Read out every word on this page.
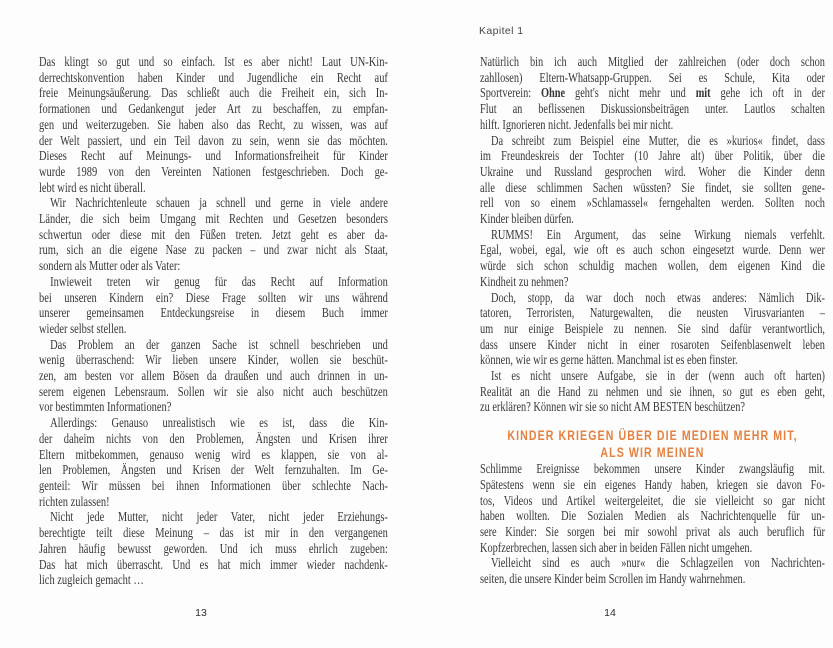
Kapitel 1
Das klingt so gut und so einfach. Ist es aber nicht! Laut UN-Kin-
derrechtskonvention haben Kinder und Jugendliche ein Recht auf
freie Meinungsäußerung. Das schließt auch die Freiheit ein, sich In-
formationen und Gedankengut jeder Art zu beschaffen, zu empfan-
gen und weiterzugeben. Sie haben also das Recht, zu wissen, was auf
der Welt passiert, und ein Teil davon zu sein, wenn sie das möchten.
Dieses Recht auf Meinungs- und Informationsfreiheit für Kinder
wurde 1989 von den Vereinten Nationen festgeschrieben. Doch ge-
lebt wird es nicht überall.
Wir Nachrichtenleute schauen ja schnell und gerne in viele andere
Länder, die sich beim Umgang mit Rechten und Gesetzen besonders
schwertun oder diese mit den Füßen treten. Jetzt geht es aber da-
rum, sich an die eigene Nase zu packen – und zwar nicht als Staat,
sondern als Mutter oder als Vater:
Inwieweit treten wir genug für das Recht auf Information
bei unseren Kindern ein? Diese Frage sollten wir uns während
unserer gemeinsamen Entdeckungsreise in diesem Buch immer
wieder selbst stellen.
Das Problem an der ganzen Sache ist schnell beschrieben und
wenig überraschend: Wir lieben unsere Kinder, wollen sie beschüt-
zen, am besten vor allem Bösen da draußen und auch drinnen in un-
serem eigenen Lebensraum. Sollen wir sie also nicht auch beschützen
vor bestimmten Informationen?
Allerdings: Genauso unrealistisch wie es ist, dass die Kin-
der daheim nichts von den Problemen, Ängsten und Krisen ihrer
Eltern mitbekommen, genauso wenig wird es klappen, sie von al-
len Problemen, Ängsten und Krisen der Welt fernzuhalten. Im Ge-
genteil: Wir müssen bei ihnen Informationen über schlechte Nach-
richten zulassen!
Nicht jede Mutter, nicht jeder Vater, nicht jeder Erziehungs-
berechtigte teilt diese Meinung – das ist mir in den vergangenen
Jahren häufig bewusst geworden. Und ich muss ehrlich zugeben:
Das hat mich überrascht. Und es hat mich immer wieder nachdenk-
lich zugleich gemacht …
Natürlich bin ich auch Mitglied der zahlreichen (oder doch schon
zahllosen) Eltern-Whatsapp-Gruppen. Sei es Schule, Kita oder
Sportverein: Ohne geht's nicht mehr und mit gehe ich oft in der
Flut an beflissenen Diskussionsbeiträgen unter. Lautlos schalten
hilft. Ignorieren nicht. Jedenfalls bei mir nicht.
Da schreibt zum Beispiel eine Mutter, die es »kurios« findet, dass
im Freundeskreis der Tochter (10 Jahre alt) über Politik, über die
Ukraine und Russland gesprochen wird. Woher die Kinder denn
alle diese schlimmen Sachen wüssten? Sie findet, sie sollten gene-
rell von so einem »Schlamassel« ferngehalten werden. Sollten noch
Kinder bleiben dürfen.
RUMMS! Ein Argument, das seine Wirkung niemals verfehlt.
Egal, wobei, egal, wie oft es auch schon eingesetzt wurde. Denn wer
würde sich schon schuldig machen wollen, dem eigenen Kind die
Kindheit zu nehmen?
Doch, stopp, da war doch noch etwas anderes: Nämlich Dik-
tatoren, Terroristen, Naturgewalten, die neusten Virusvarianten –
um nur einige Beispiele zu nennen. Sie sind dafür verantwortlich,
dass unsere Kinder nicht in einer rosaroten Seifenblasenwelt leben
können, wie wir es gerne hätten. Manchmal ist es eben finster.
Ist es nicht unsere Aufgabe, sie in der (wenn auch oft harten)
Realität an die Hand zu nehmen und sie ihnen, so gut es eben geht,
zu erklären? Können wir sie so nicht AM BESTEN beschützen?
KINDER KRIEGEN ÜBER DIE MEDIEN MEHR MIT,
ALS WIR MEINEN
Schlimme Ereignisse bekommen unsere Kinder zwangsläufig mit.
Spätestens wenn sie ein eigenes Handy haben, kriegen sie davon Fo-
tos, Videos und Artikel weitergeleitet, die sie vielleicht so gar nicht
haben wollten. Die Sozialen Medien als Nachrichtenquelle für un-
sere Kinder: Sie sorgen bei mir sowohl privat als auch beruflich für
Kopfzerbrechen, lassen sich aber in beiden Fällen nicht umgehen.
Vielleicht sind es auch »nur« die Schlagzeilen von Nachrichten-
seiten, die unsere Kinder beim Scrollen im Handy wahrnehmen.
13	14
